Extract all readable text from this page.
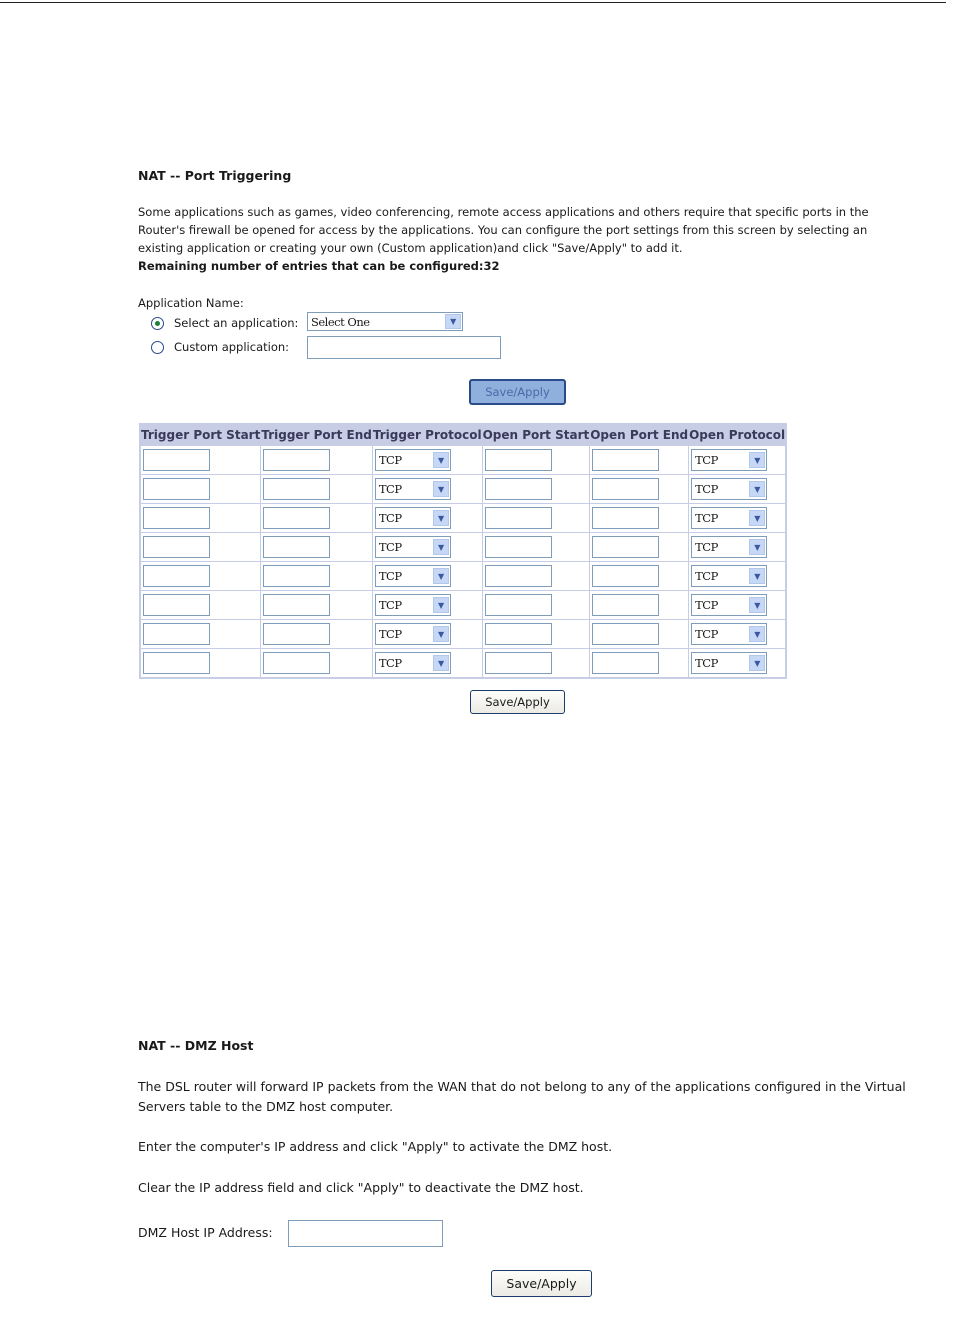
NAT -- Port Triggering
Some applications such as games, video conferencing, remote access applications and others require that specific ports in the Router's firewall be opened for access by the applications. You can configure the port settings from this screen by selecting an existing application or creating your own (Custom application)and click "Save/Apply" to add it.
Remaining number of entries that can be configured:32
Application Name:
Select an application: Select One	▼
Custom application:
Save/Apply
Trigger Port Start	Trigger Port End	Trigger Protocol	Open Port Start	Open Port End	Open Protocol

		TCP ▼			TCP ▼

		TCP ▼			TCP ▼

		TCP ▼			TCP ▼

		TCP ▼			TCP ▼

		TCP ▼			TCP ▼

		TCP ▼			TCP ▼

		TCP ▼			TCP ▼

		TCP ▼			TCP ▼
Save/Apply
NAT -- DMZ Host
The DSL router will forward IP packets from the WAN that do not belong to any of the applications configured in the Virtual Servers table to the DMZ host computer.
Enter the computer's IP address and click "Apply" to activate the DMZ host.
Clear the IP address field and click "Apply" to deactivate the DMZ host.
DMZ Host IP Address:
Save/Apply
